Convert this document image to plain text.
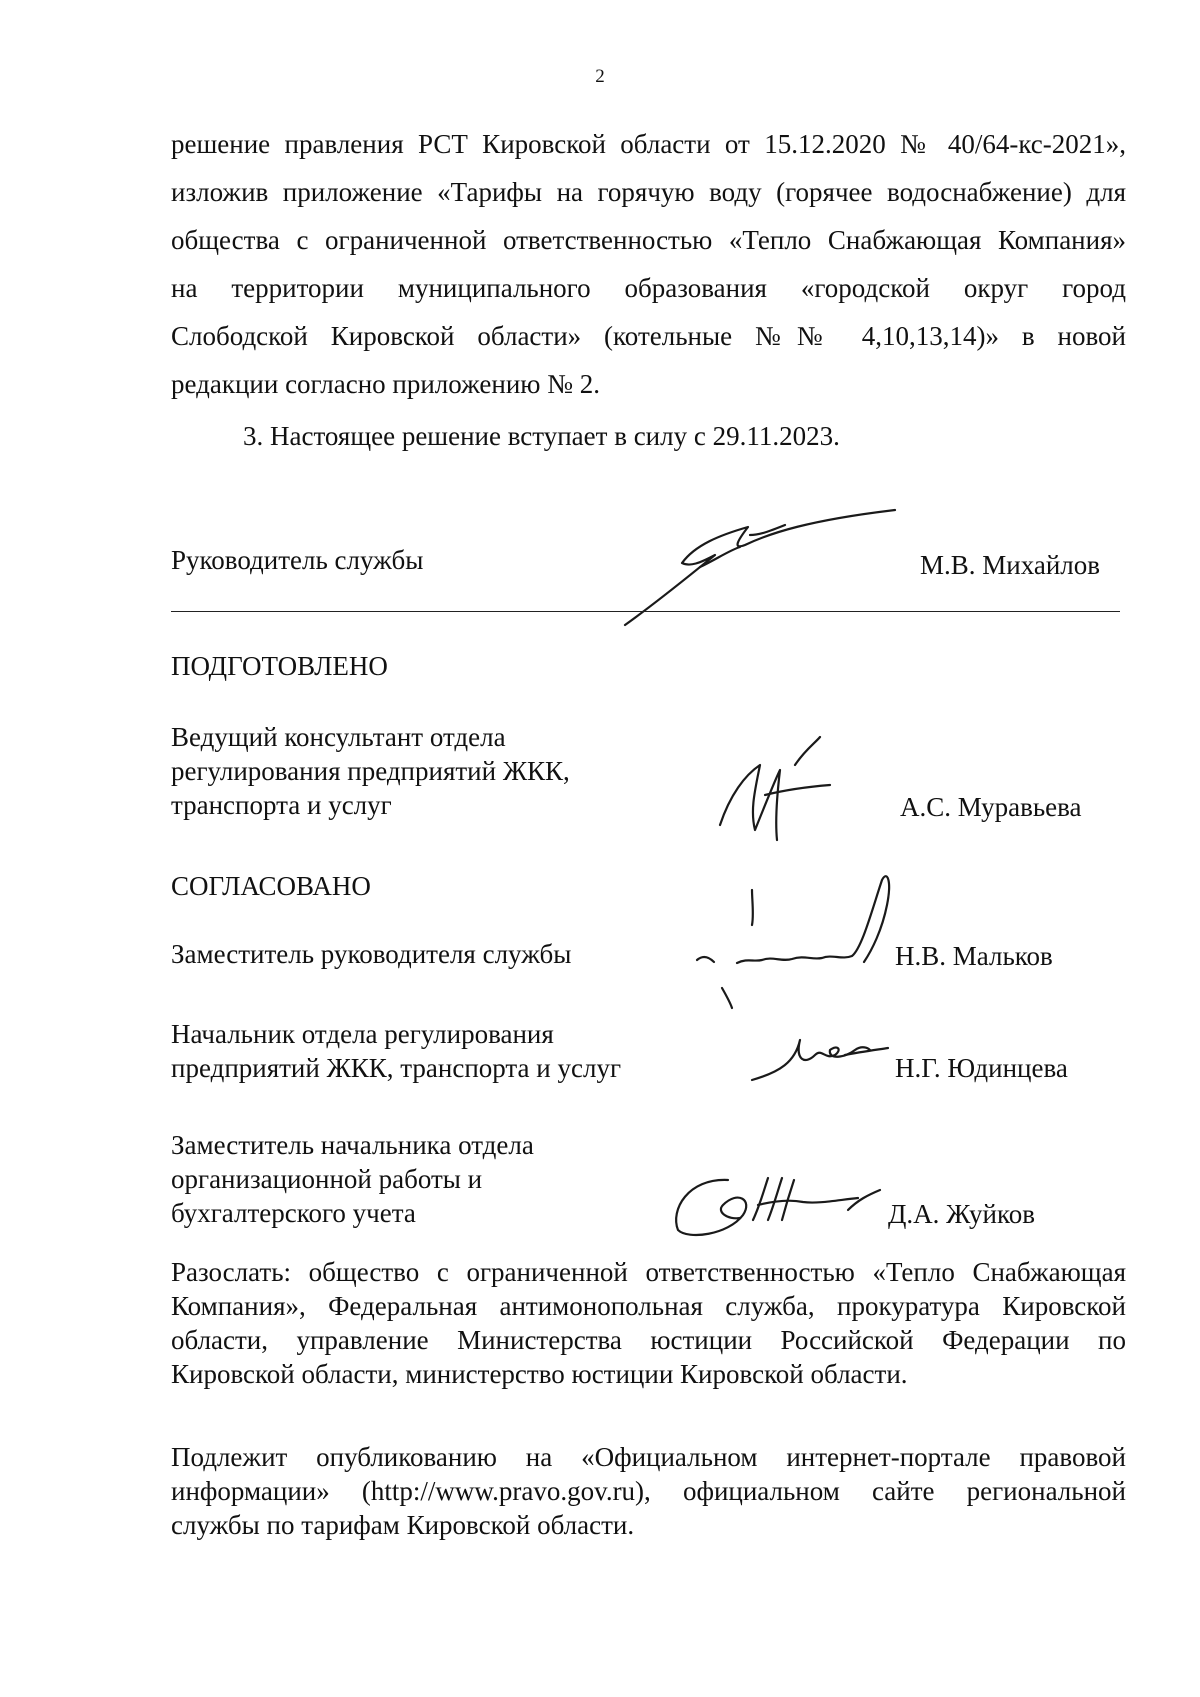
2
решение правления РСТ Кировской области от 15.12.2020 № 40/64-кс-2021»,
изложив приложение «Тарифы на горячую воду (горячее водоснабжение) для
общества с ограниченной ответственностью «Тепло Снабжающая Компания»
на территории муниципального образования «городской округ город
Слободской Кировской области» (котельные №№ 4,10,13,14)» в новой
редакции согласно приложению № 2.
3. Настоящее решение вступает в силу с 29.11.2023.
Руководитель службы	М.В. Михайлов
ПОДГОТОВЛЕНО
Ведущий консультант отдела
регулирования предприятий ЖКК,
транспорта и услуг	А.С. Муравьева
СОГЛАСОВАНО
Заместитель руководителя службы	Н.В. Мальков
Начальник отдела регулирования
предприятий ЖКК, транспорта и услуг	Н.Г. Юдинцева
Заместитель начальника отдела
организационной работы и
бухгалтерского учета	Д.А. Жуйков
Разослать: общество с ограниченной ответственностью «Тепло Снабжающая
Компания», Федеральная антимонопольная служба, прокуратура Кировской
области, управление Министерства юстиции Российской Федерации по
Кировской области, министерство юстиции Кировской области.
Подлежит опубликованию на «Официальном интернет-портале правовой
информации» (http://www.pravo.gov.ru), официальном сайте региональной
службы по тарифам Кировской области.
